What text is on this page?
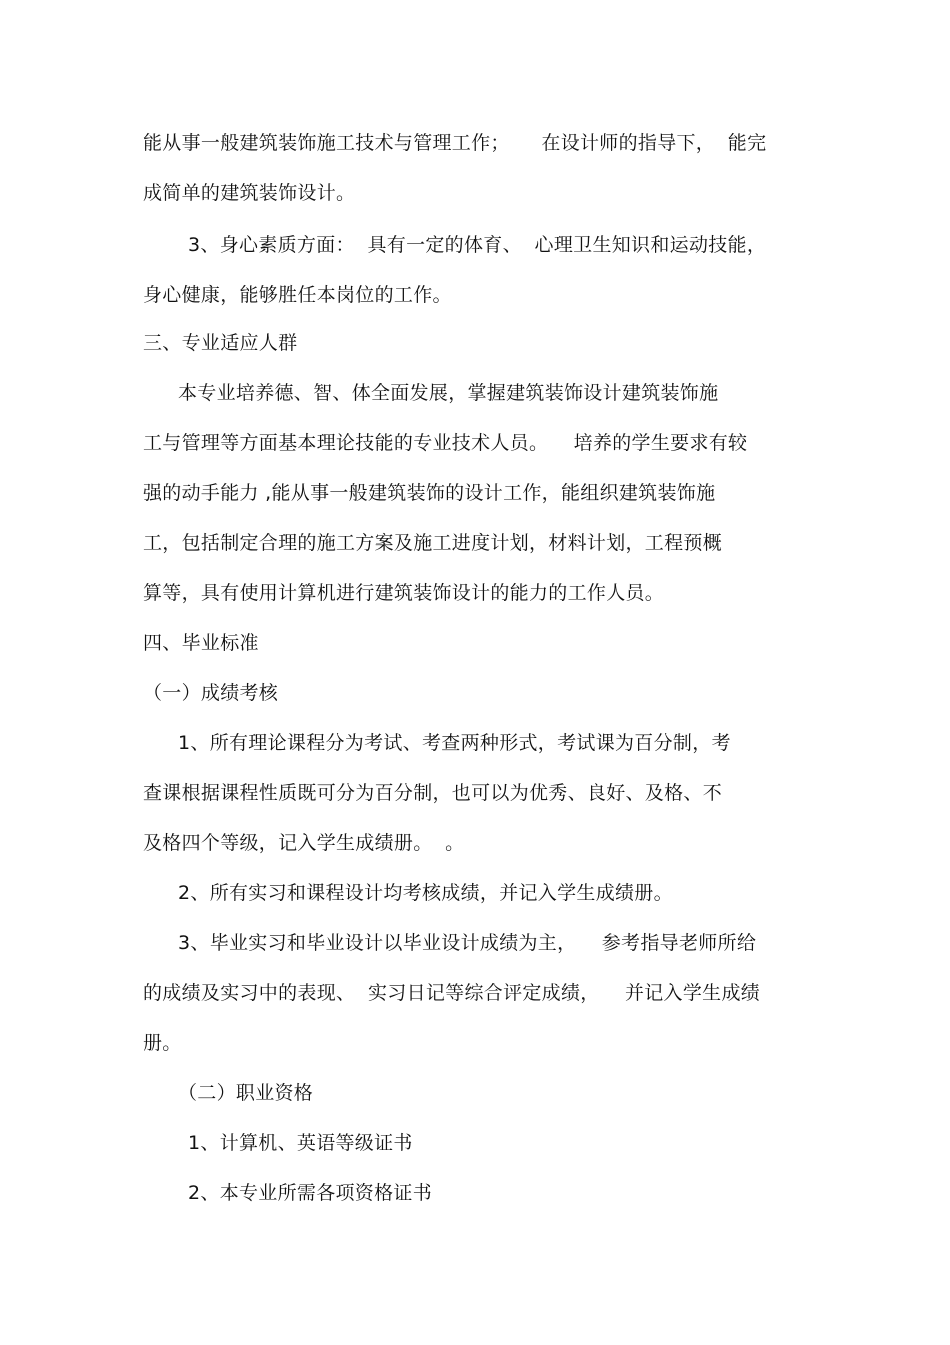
能从事一般建筑装饰施工技术与管理工作；     在设计师的指导下，  能完
成简单的建筑装饰设计。
3、身心素质方面：  具有一定的体育、  心理卫生知识和运动技能，
身心健康，能够胜任本岗位的工作。
三、专业适应人群
本专业培养德、智、体全面发展，掌握建筑装饰设计建筑装饰施
工与管理等方面基本理论技能的专业技术人员。    培养的学生要求有较
强的动手能力 ,能从事一般建筑装饰的设计工作，能组织建筑装饰施
工，包括制定合理的施工方案及施工进度计划，材料计划，工程预概
算等，具有使用计算机进行建筑装饰设计的能力的工作人员。
四、毕业标准
（一）成绩考核
1、所有理论课程分为考试、考查两种形式，考试课为百分制，考
查课根据课程性质既可分为百分制，也可以为优秀、良好、及格、不
及格四个等级，记入学生成绩册。  。
2、所有实习和课程设计均考核成绩，并记入学生成绩册。
3、毕业实习和毕业设计以毕业设计成绩为主，    参考指导老师所给
的成绩及实习中的表现、  实习日记等综合评定成绩，    并记入学生成绩
册。
（二）职业资格
1、计算机、英语等级证书
2、本专业所需各项资格证书
